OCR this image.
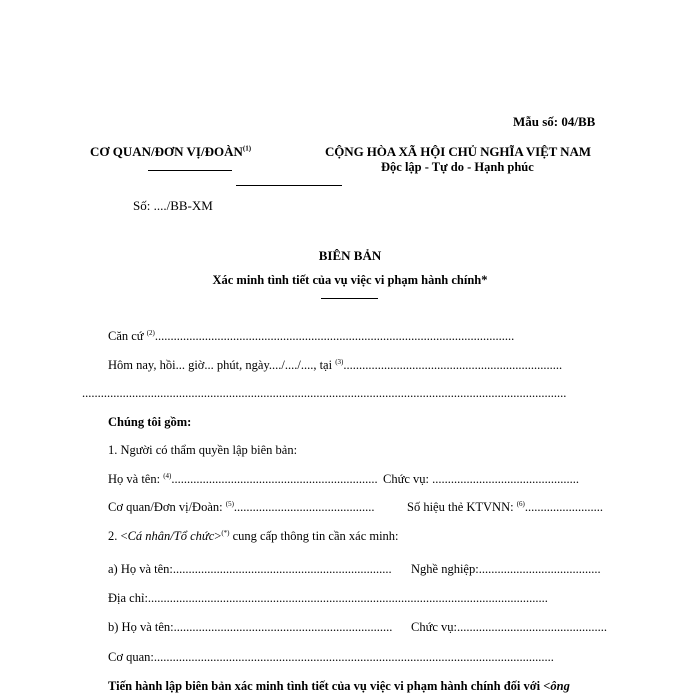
Mẫu số: 04/BB
CƠ QUAN/ĐƠN VỊ/ĐOÀN$^{(1)}$	CỘNG HÒA XÃ HỘI CHỦ NGHĨA VIỆT NAM
Độc lập - Tự do - Hạnh phúc
Số: ..../BB-XM
BIÊN BẢN
Xác minh tình tiết của vụ việc vi phạm hành chính*
Căn cứ $^{(2)}$...................................................................................................................
Hôm nay, hồi... giờ... phút, ngày..../..../...., tại $^{(3)}$......................................................................
...........................................................................................................................................................
Chúng tôi gồm:
1. Người có thẩm quyền lập biên bản:
Họ và tên: $^{(4)}$.................................................................. Chức vụ: ...............................................
Cơ quan/Đơn vị/Đoàn: $^{(5)}$.............................................	Số hiệu thẻ KTVNN: $^{(6)}$.........................
2. <Cá nhân/Tổ chức>(*) cung cấp thông tin cần xác minh:
a) Họ và tên:...................................................................... Nghề nghiệp:.......................................
Địa chỉ:................................................................................................................................
b) Họ và tên:...................................................................... Chức vụ:................................................
Cơ quan:................................................................................................................................
Tiến hành lập biên bản xác minh tình tiết của vụ việc vi phạm hành chính đối với <ông
